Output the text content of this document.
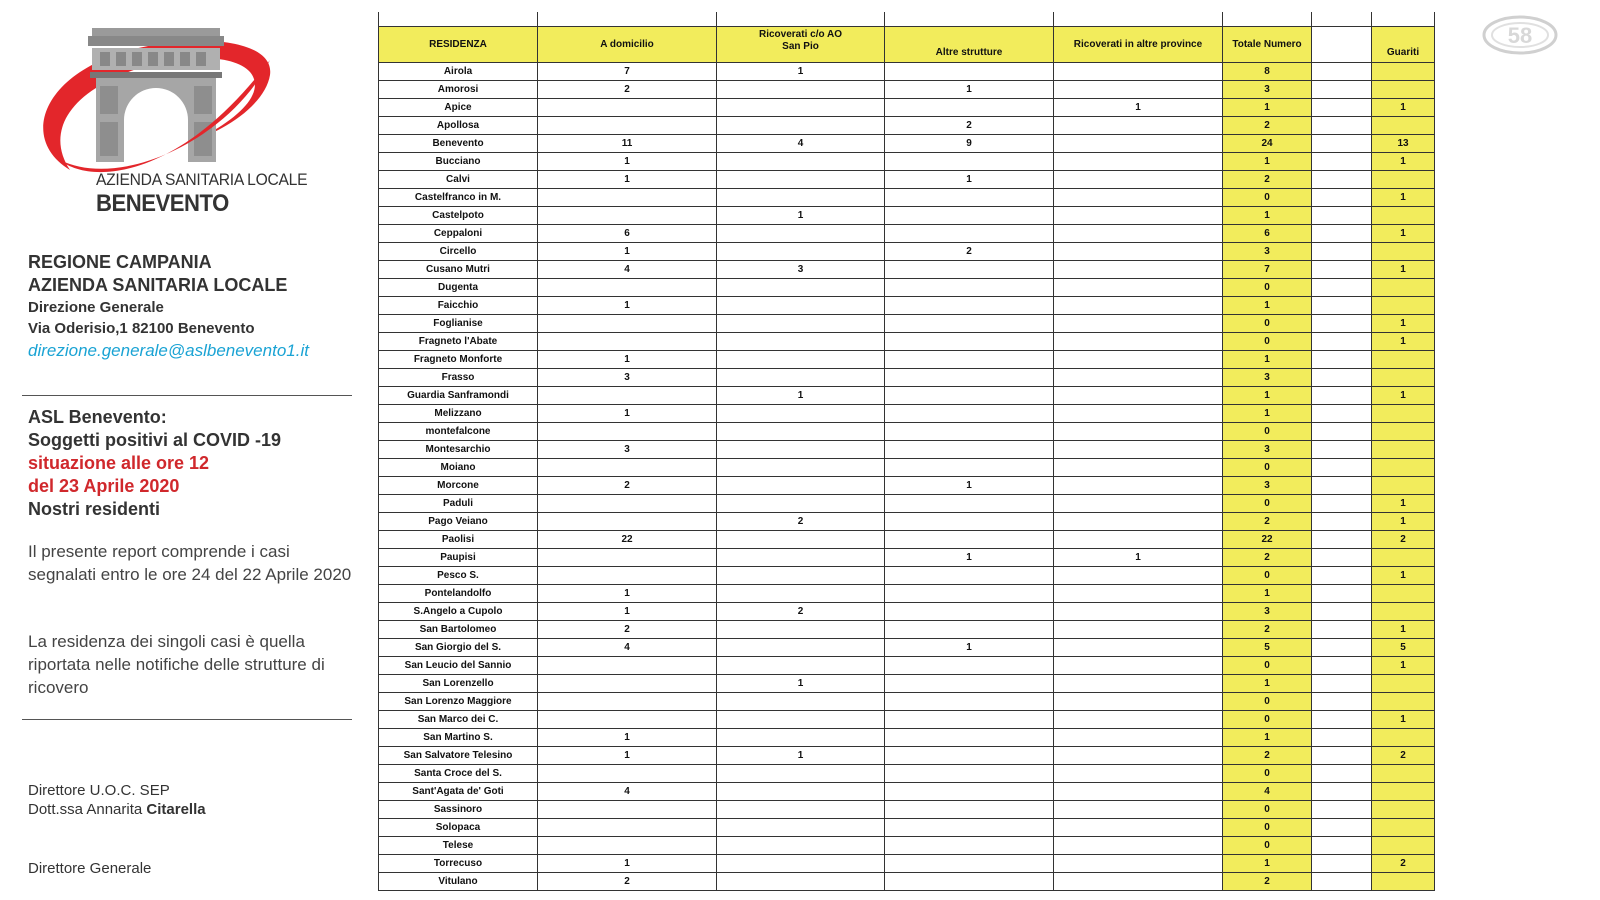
AZIENDA SANITARIA LOCALE
BENEVENTO
REGIONE CAMPANIA
AZIENDA SANITARIA LOCALE
Direzione Generale
Via Oderisio,1 82100 Benevento
direzione.generale@aslbenevento1.it
ASL Benevento:
Soggetti positivi al COVID -19
situazione alle ore 12
del 23 Aprile 2020
Nostri residenti
Il presente report comprende i casi segnalati entro le ore 24 del 22 Aprile 2020
La residenza dei singoli casi è quella riportata nelle notifiche delle strutture di ricovero
Direttore U.O.C. SEP
Dott.ssa Annarita Citarella
Direttore Generale
RESIDENZA	A domicilio	Ricoverati c/o AO San Pio	Altre strutture	Ricoverati in altre province	Totale Numero		Guariti
Airola	7	1			8		
Amorosi	2		1		3		
Apice				1	1		1
Apollosa			2		2		
Benevento	11	4	9		24		13
Bucciano	1				1		1
Calvi	1		1		2		
Castelfranco in M.					0		1
Castelpoto		1			1		
Ceppaloni	6				6		1
Circello	1		2		3		
Cusano Mutri	4	3			7		1
Dugenta					0		
Faicchio	1				1		
Foglianise					0		1
Fragneto l'Abate					0		1
Fragneto Monforte	1				1		
Frasso	3				3		
Guardia Sanframondi		1			1		1
Melizzano	1				1		
montefalcone					0		
Montesarchio	3				3		
Moiano					0		
Morcone	2		1		3		
Paduli					0		1
Pago Veiano		2			2		1
Paolisi	22				22		2
Paupisi			1	1	2		
Pesco S.					0		1
Pontelandolfo	1				1		
S.Angelo a Cupolo	1	2			3		
San Bartolomeo	2				2		1
San Giorgio del S.	4		1		5		5
San Leucio del Sannio					0		1
San Lorenzello		1			1		
San Lorenzo Maggiore					0		
San Marco dei C.					0		1
San Martino S.	1				1		
San Salvatore Telesino	1	1			2		2
Santa Croce del S.					0		
Sant'Agata de' Goti	4				4		
Sassinoro					0		
Solopaca					0		
Telese					0		
Torrecuso	1				1		2
Vitulano	2				2		
58
